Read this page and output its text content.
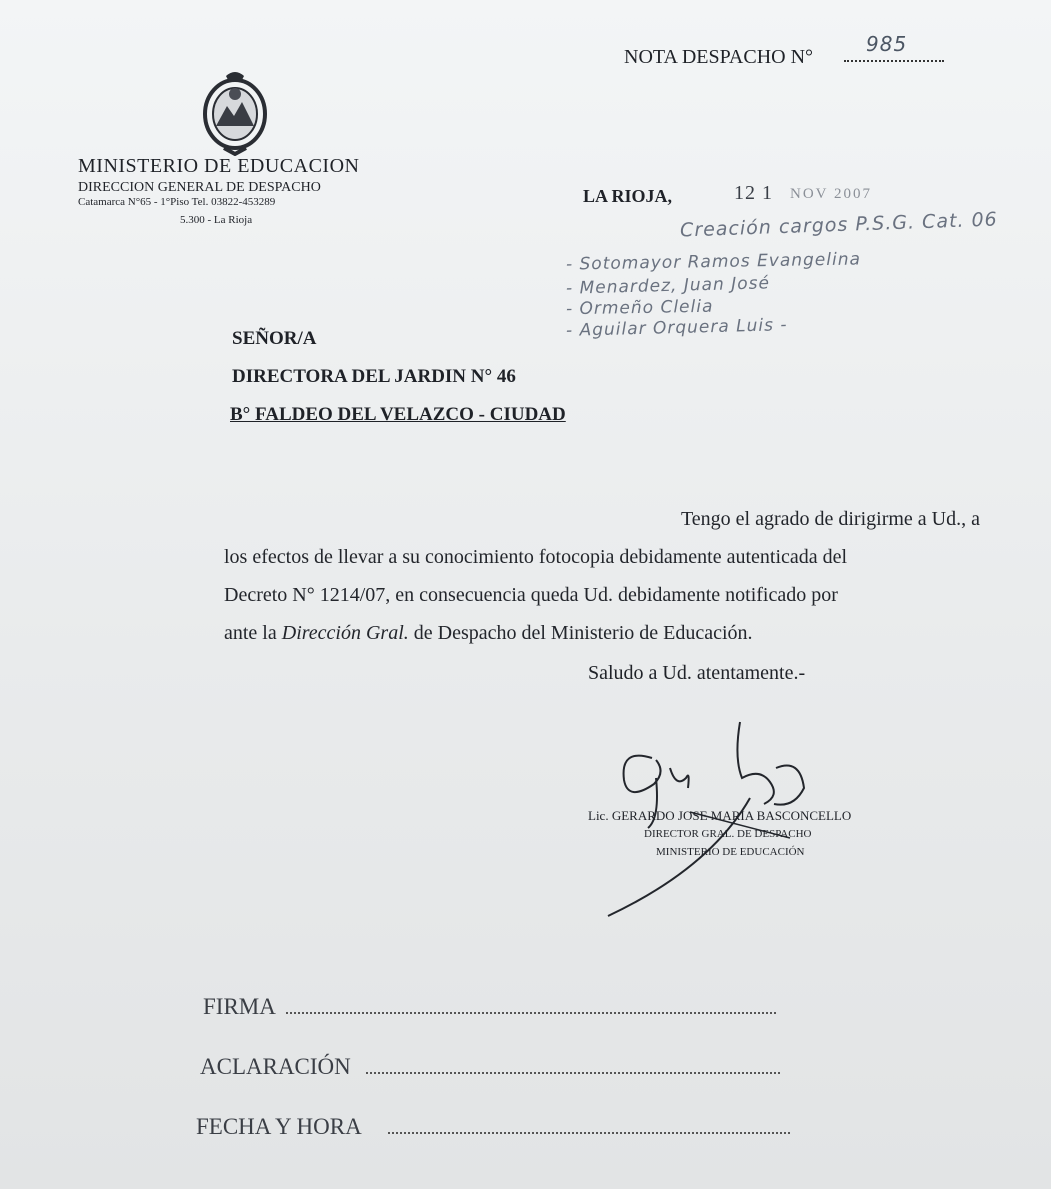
NOTA DESPACHO N°
985
MINISTERIO DE EDUCACION
DIRECCION GENERAL DE DESPACHO
Catamarca N°65 - 1°Piso Tel. 03822-453289
5.300 - La Rioja
LA RIOJA,	12 1 NOV 2007
Creación cargos P.S.G. Cat. 06
- Sotomayor Ramos Evangelina
- Menardez, Juan José
- Ormeño Clelia
- Aguilar Orquera Luis -
SEÑOR/A
DIRECTORA DEL JARDIN N° 46
B° FALDEO DEL VELAZCO - CIUDAD
Tengo el agrado de dirigirme a Ud., a
los efectos de llevar a su conocimiento fotocopia debidamente autenticada del
Decreto N° 1214/07, en consecuencia queda Ud. debidamente notificado por
ante la Dirección Gral. de Despacho del Ministerio de Educación.
Saludo a Ud. atentamente.-
Lic. GERARDO JOSE MARIA BASCONCELLO
DIRECTOR GRAL. DE DESPACHO
MINISTERIO DE EDUCACIÓN
FIRMA
ACLARACIÓN
FECHA Y HORA
